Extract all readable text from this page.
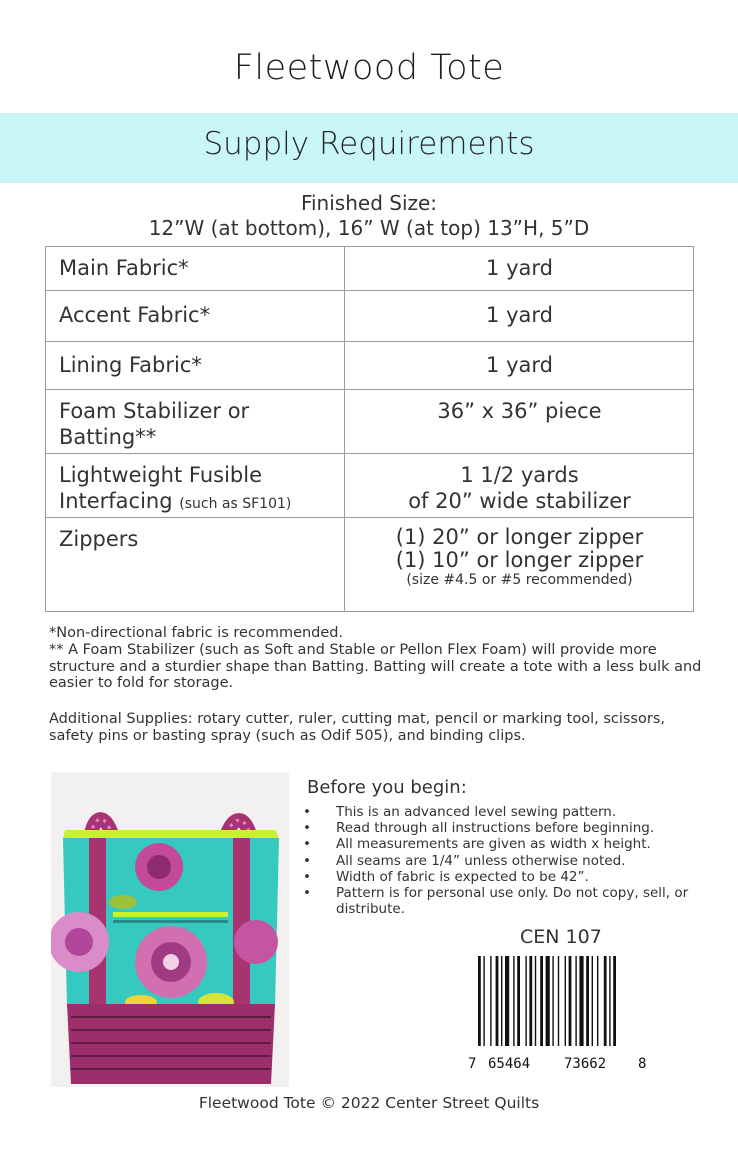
Fleetwood Tote
Supply Requirements
Finished Size:
12”W (at bottom), 16” W (at top) 13”H, 5”D
Main Fabric*	1 yard
Accent Fabric*	1 yard
Lining Fabric*	1 yard
Foam Stabilizer or Batting**	36” x 36” piece
Lightweight Fusible
Interfacing (such as SF101)	1 1/2 yards
of 20” wide stabilizer
Zippers	(1) 20” or longer zipper
(1) 10” or longer zipper
(size #4.5 or #5 recommended)

*Non-directional fabric is recommended.

** A Foam Stabilizer (such as Soft and Stable or Pellon Flex Foam) will provide more structure and a sturdier shape than Batting. Batting will create a tote with a less bulk and easier to fold for storage.

Additional Supplies: rotary cutter, ruler, cutting mat, pencil or marking tool, scissors, safety pins or basting spray (such as Odif 505), and binding clips.

Before you begin:
• This is an advanced level sewing pattern.
• Read through all instructions before beginning.
• All measurements are given as width x height.
• All seams are 1/4” unless otherwise noted.
• Width of fabric is expected to be 42”.
• Pattern is for personal use only. Do not copy, sell, or distribute.
CEN 107
7 65464 73662 8
Fleetwood Tote © 2022 Center Street Quilts
